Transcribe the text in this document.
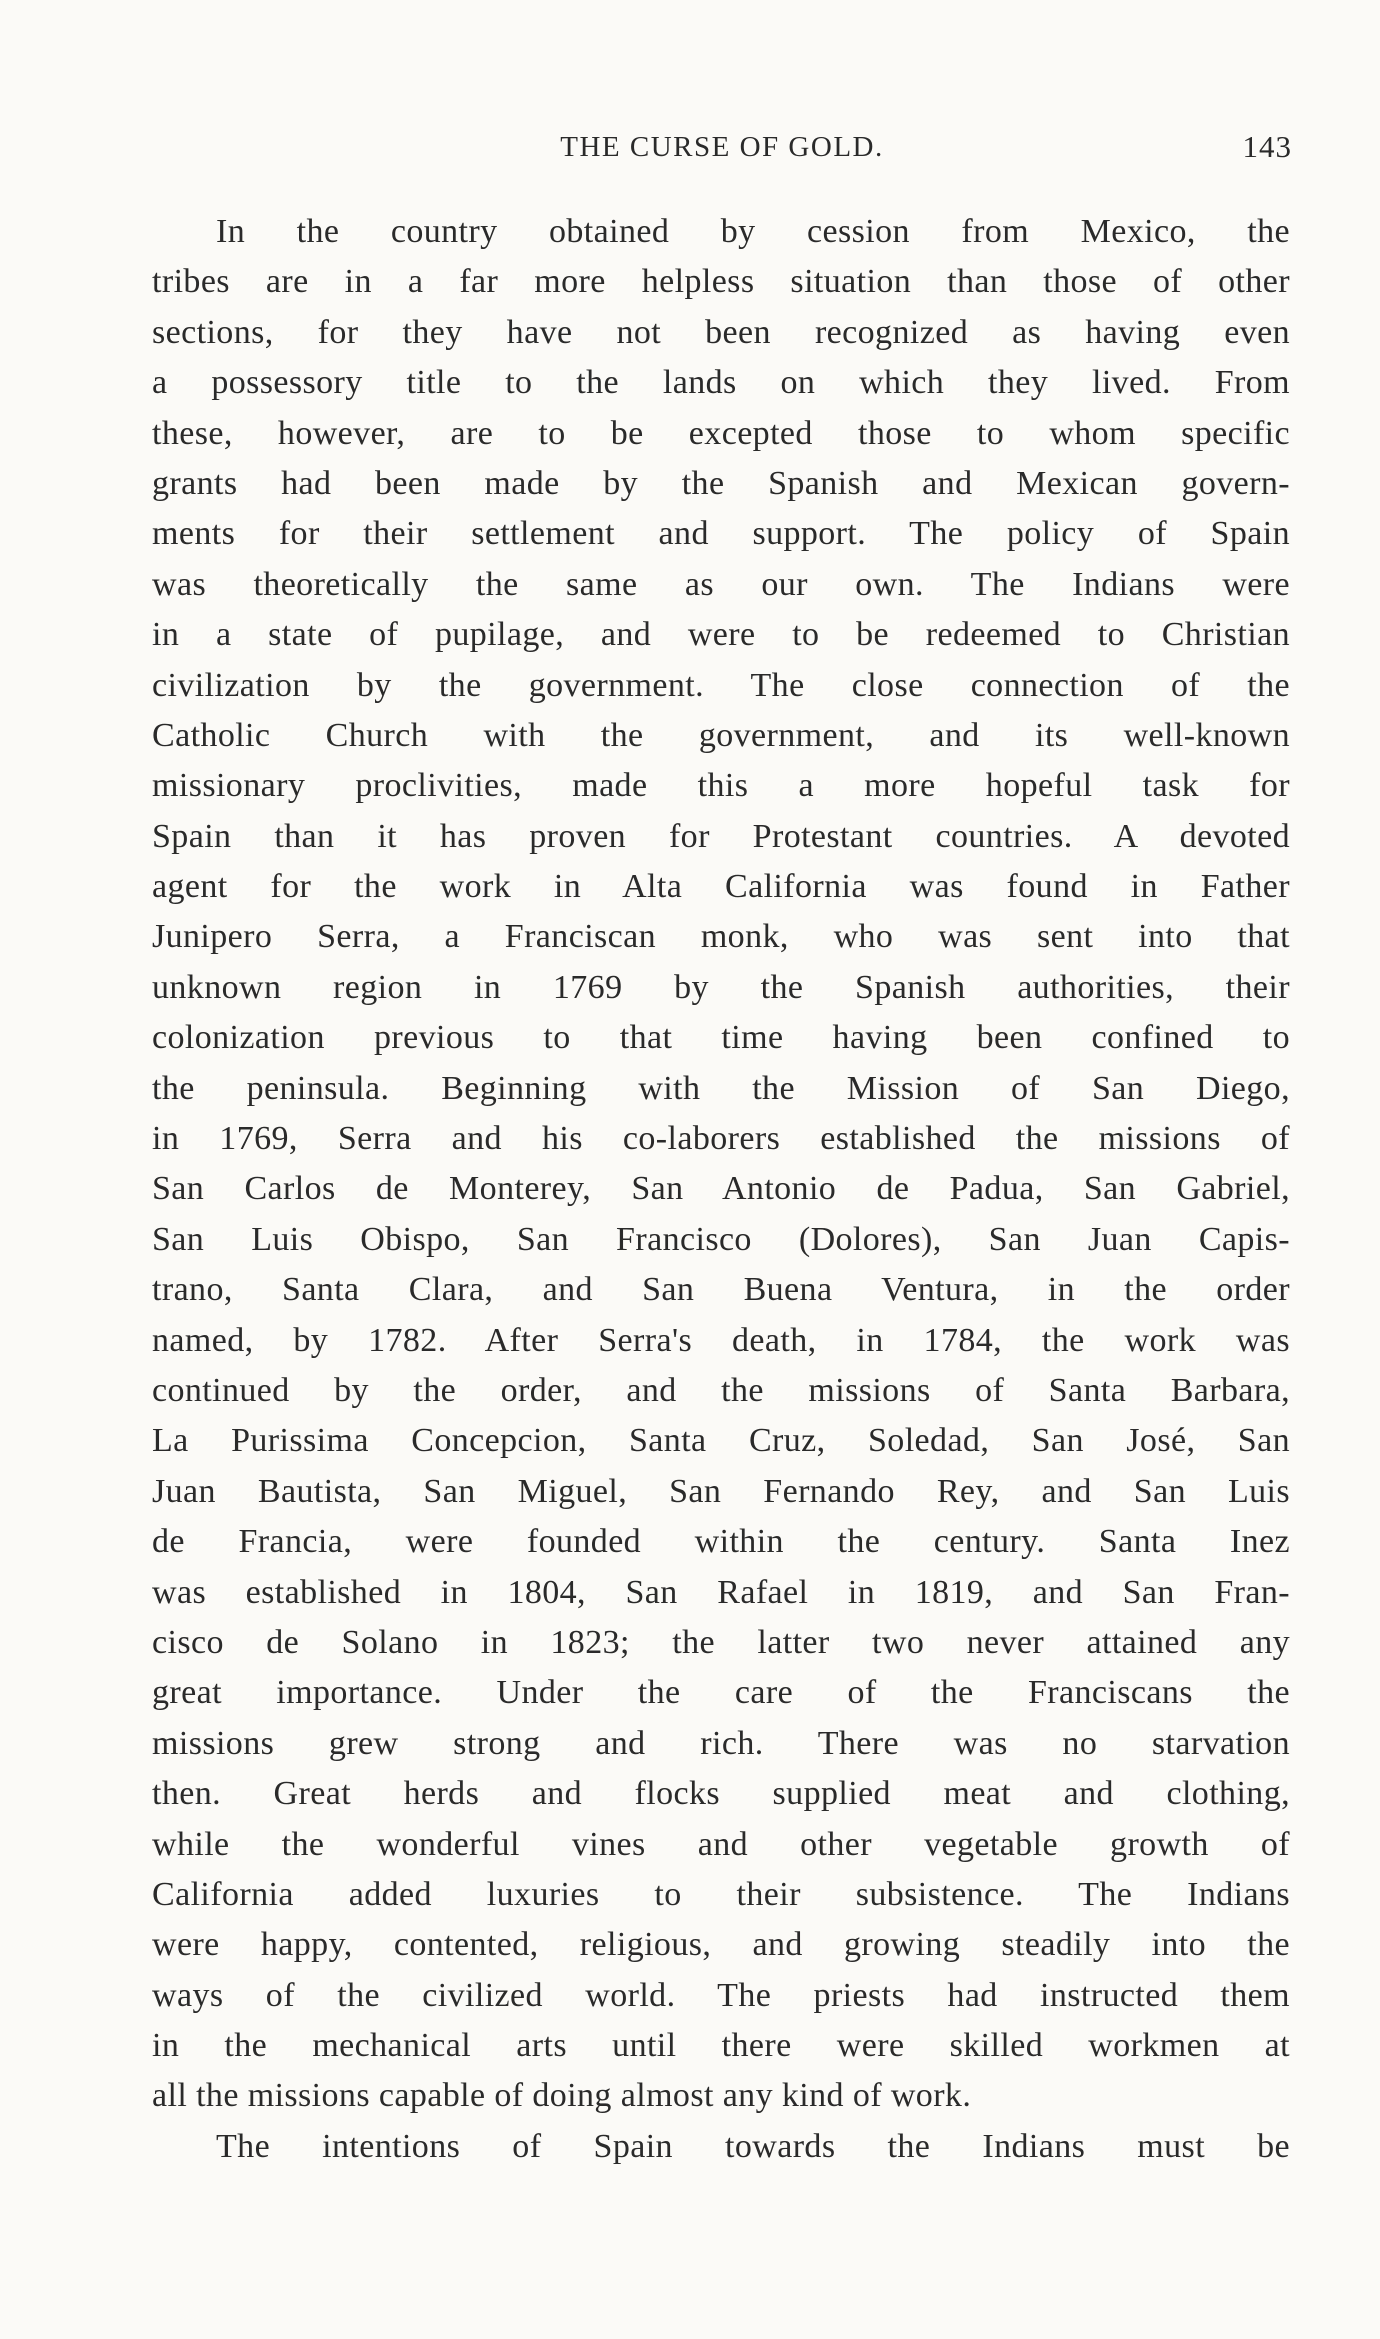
THE CURSE OF GOLD.	143
In the country obtained by cession from Mexico, the
tribes are in a far more helpless situation than those of other
sections, for they have not been recognized as having even
a possessory title to the lands on which they lived. From
these, however, are to be excepted those to whom specific
grants had been made by the Spanish and Mexican govern-
ments for their settlement and support. The policy of Spain
was theoretically the same as our own. The Indians were
in a state of pupilage, and were to be redeemed to Christian
civilization by the government. The close connection of the
Catholic Church with the government, and its well-known
missionary proclivities, made this a more hopeful task for
Spain than it has proven for Protestant countries. A devoted
agent for the work in Alta California was found in Father
Junipero Serra, a Franciscan monk, who was sent into that
unknown region in 1769 by the Spanish authorities, their
colonization previous to that time having been confined to
the peninsula. Beginning with the Mission of San Diego,
in 1769, Serra and his co-laborers established the missions of
San Carlos de Monterey, San Antonio de Padua, San Gabriel,
San Luis Obispo, San Francisco (Dolores), San Juan Capis-
trano, Santa Clara, and San Buena Ventura, in the order
named, by 1782. After Serra's death, in 1784, the work was
continued by the order, and the missions of Santa Barbara,
La Purissima Concepcion, Santa Cruz, Soledad, San José, San
Juan Bautista, San Miguel, San Fernando Rey, and San Luis
de Francia, were founded within the century. Santa Inez
was established in 1804, San Rafael in 1819, and San Fran-
cisco de Solano in 1823; the latter two never attained any
great importance. Under the care of the Franciscans the
missions grew strong and rich. There was no starvation
then. Great herds and flocks supplied meat and clothing,
while the wonderful vines and other vegetable growth of
California added luxuries to their subsistence. The Indians
were happy, contented, religious, and growing steadily into the
ways of the civilized world. The priests had instructed them
in the mechanical arts until there were skilled workmen at
all the missions capable of doing almost any kind of work.
The intentions of Spain towards the Indians must be
